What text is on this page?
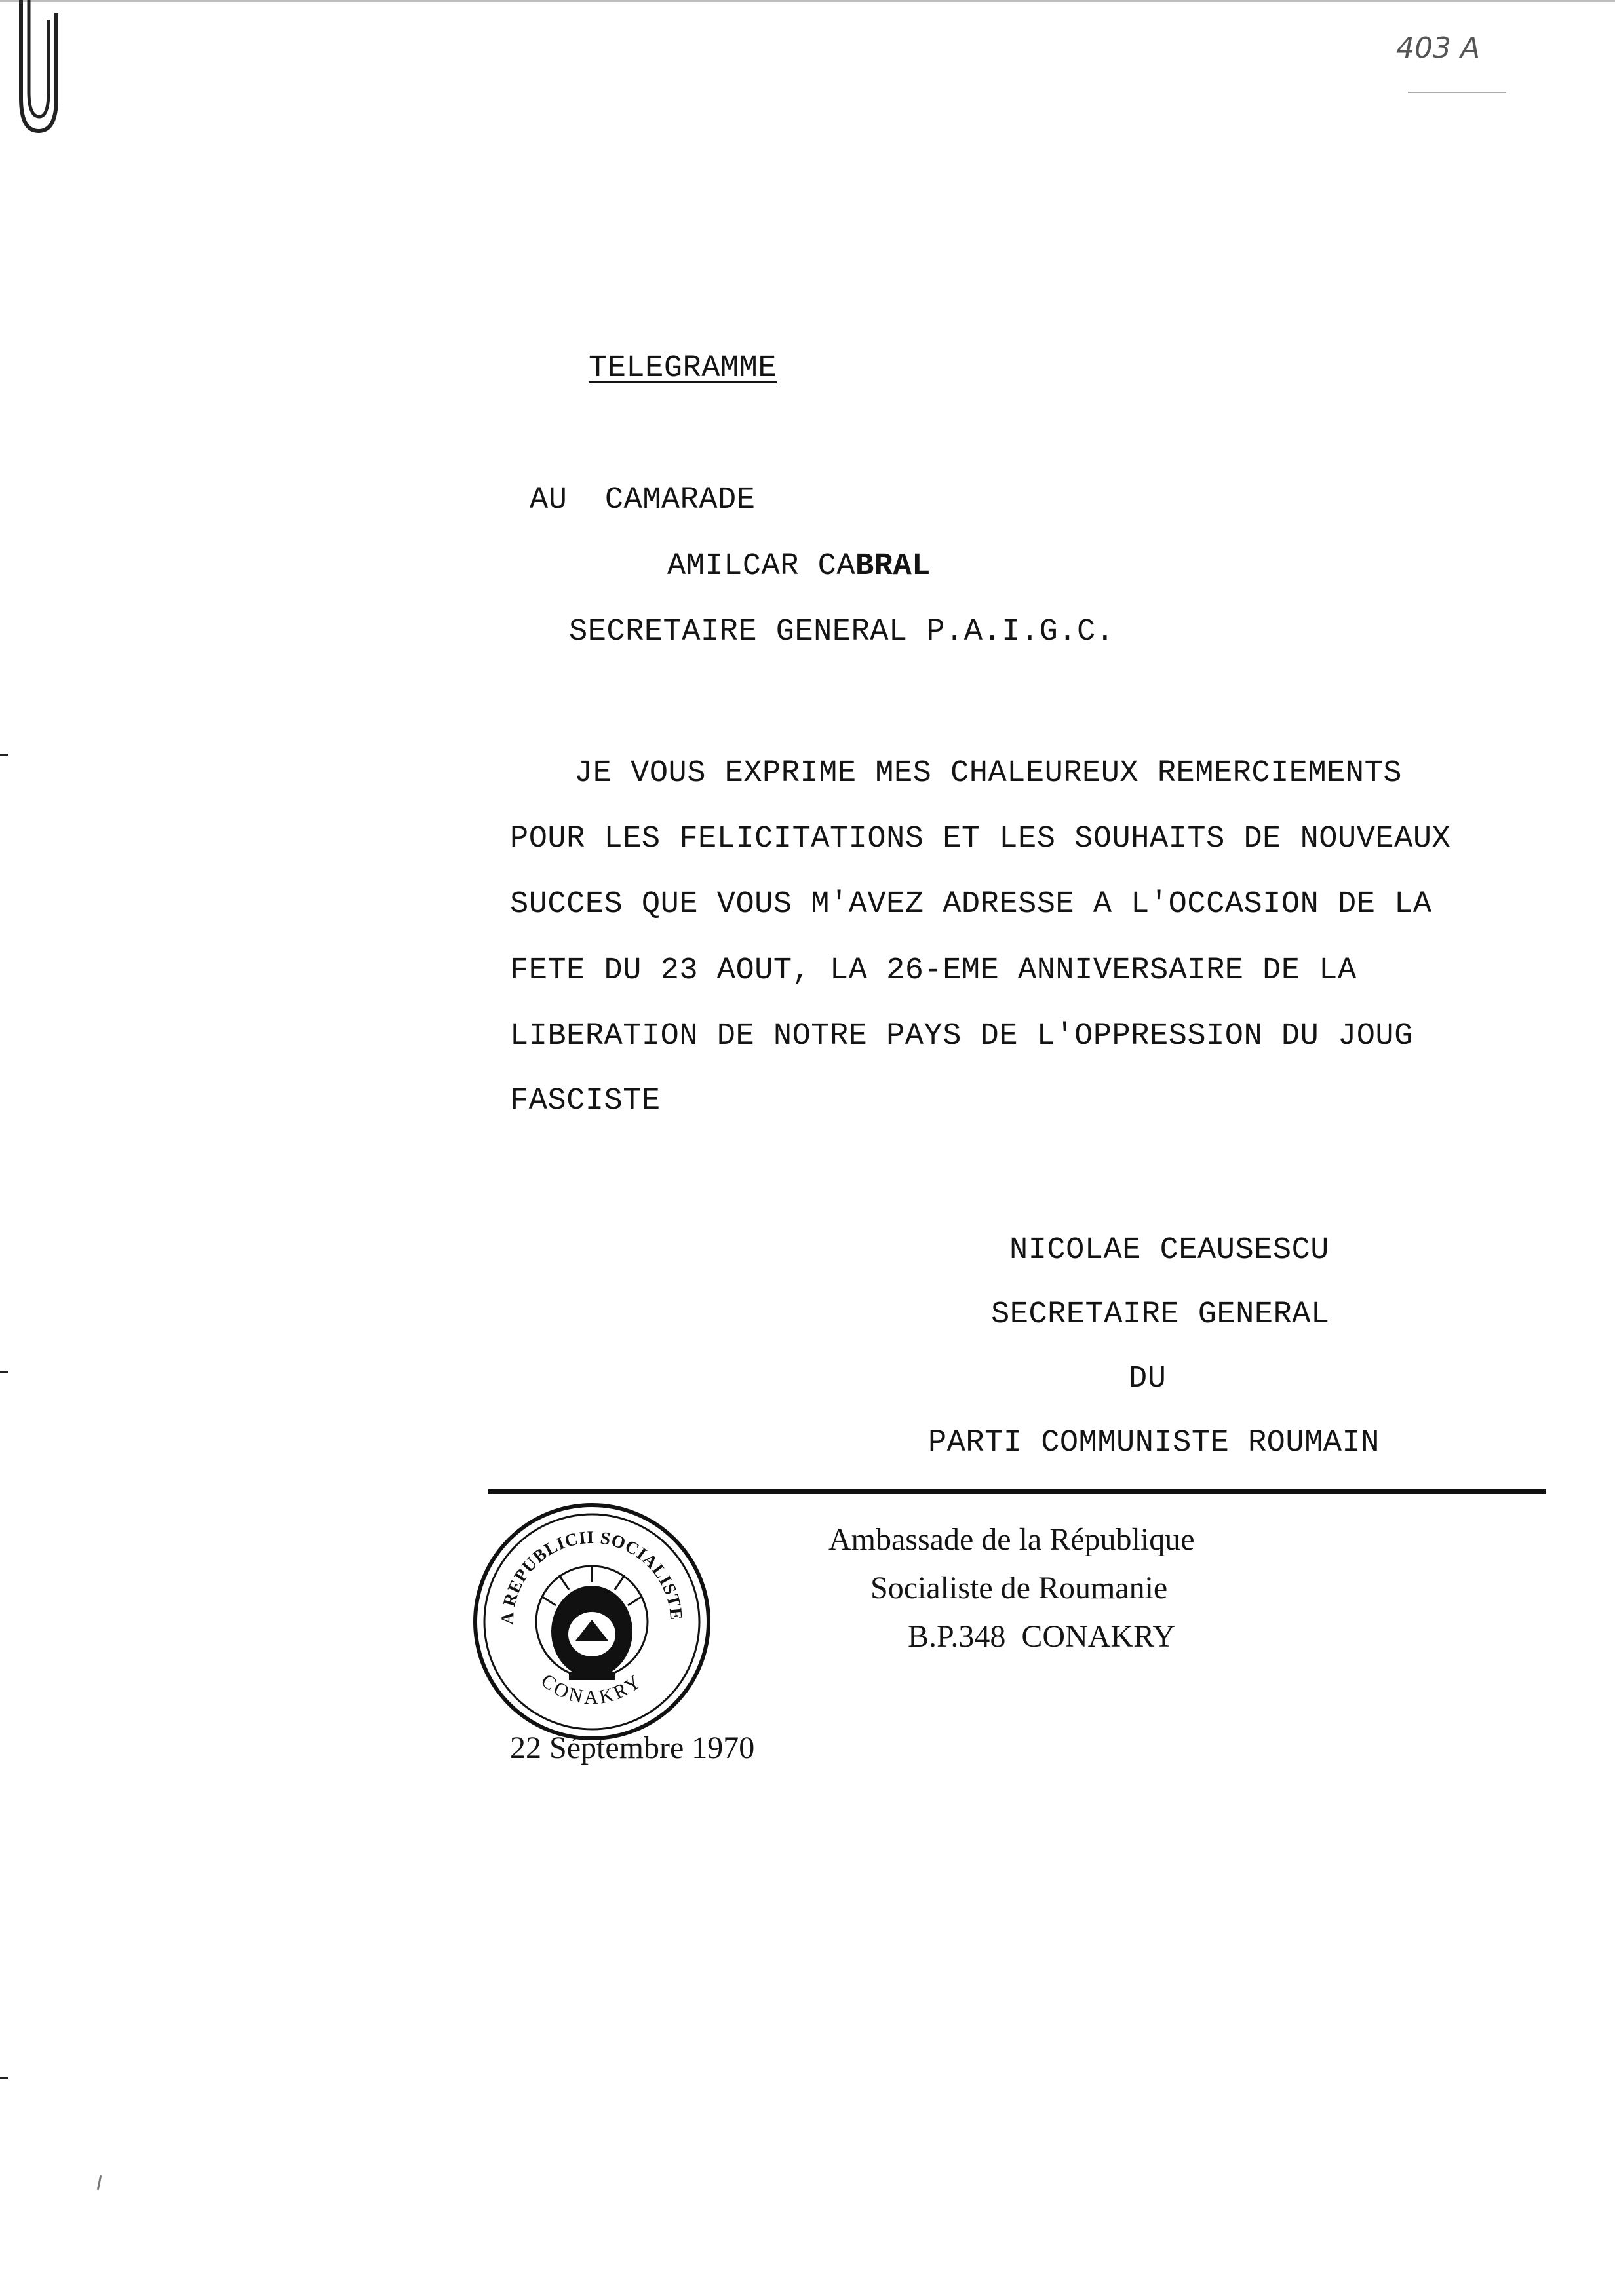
403 A
TELEGRAMME
AU  CAMARADE
AMILCAR CABRAL
SECRETAIRE GENERAL P.A.I.G.C.
JE VOUS EXPRIME MES CHALEUREUX REMERCIEMENTS
POUR LES FELICITATIONS ET LES SOUHAITS DE NOUVEAUX
SUCCES QUE VOUS M'AVEZ ADRESSE A L'OCCASION DE LA
FETE DU 23 AOUT, LA 26-EME ANNIVERSAIRE DE LA
LIBERATION DE NOTRE PAYS DE L'OPPRESSION DU JOUG
FASCISTE
NICOLAE CEAUSESCU
SECRETAIRE GENERAL
DU
PARTI COMMUNISTE ROUMAIN
A REPUBLICII SOCIALISTE
CONAKRY
Ambassade de la République
Socialiste de Roumanie
B.P.348  CONAKRY
22 Séptembre 1970
